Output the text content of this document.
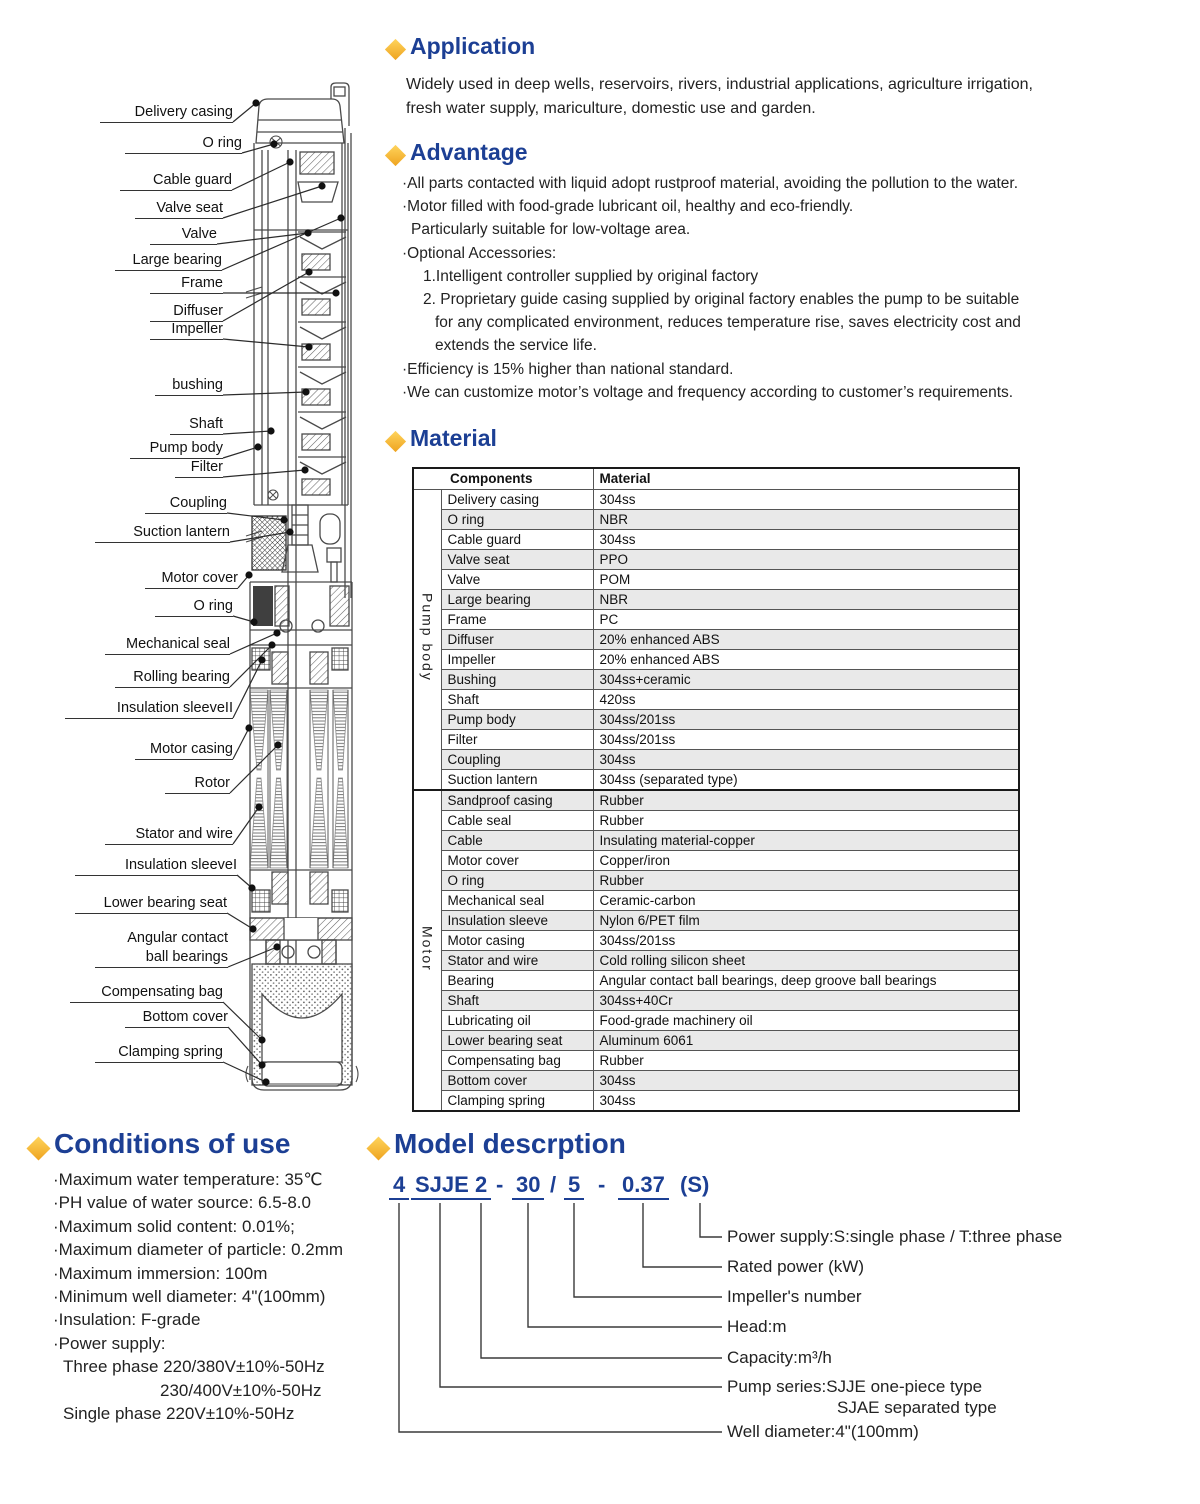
Delivery casing
O ring
Cable guard
Valve seat
Valve
Large bearing
Frame
Diffuser
Impeller
bushing
Shaft
Pump body
Filter
Coupling
Suction lantern
Motor cover
O ring
Mechanical seal
Rolling bearing
Insulation sleeveII
Motor casing
Rotor
Stator and wire
Insulation sleeveI
Lower bearing seat
Angular contact
ball bearings
Compensating bag
Bottom cover
Clamping spring
Application
Widely used in deep wells, reservoirs, rivers, industrial applications, agriculture irrigation,
fresh water supply, mariculture, domestic use and garden.
Advantage
·All parts contacted with liquid adopt rustproof material, avoiding the pollution to the water.
·Motor filled with food-grade lubricant oil, healthy and eco-friendly.
Particularly suitable for low-voltage area.
·Optional Accessories:
1.Intelligent controller supplied by original factory
2. Proprietary guide casing supplied by original factory enables the pump to be suitable
for any complicated environment, reduces temperature rise, saves electricity cost and
extends the service life.
·Efficiency is 15% higher than national standard.
·We can customize motor’s voltage and frequency according to customer’s requirements.
Material
Components		Material
Pump body	Delivery casing	304ss
	O ring	NBR
	Cable guard	304ss
	Valve seat	PPO
	Valve	POM
	Large bearing	NBR
	Frame	PC
	Diffuser	20% enhanced ABS
	Impeller	20% enhanced ABS
	Bushing	304ss+ceramic
	Shaft	420ss
	Pump body	304ss/201ss
	Filter	304ss/201ss
	Coupling	304ss
	Suction lantern	304ss (separated type)
Motor	Sandproof casing	Rubber
	Cable seal	Rubber
	Cable	Insulating material-copper
	Motor cover	Copper/iron
	O ring	Rubber
	Mechanical seal	Ceramic-carbon
	Insulation sleeve	Nylon 6/PET film
	Motor casing	304ss/201ss
	Stator and wire	Cold rolling silicon sheet
	Bearing	Angular contact ball bearings, deep groove ball bearings
	Shaft	304ss+40Cr
	Lubricating oil	Food-grade machinery oil
	Lower bearing seat	Aluminum 6061
	Compensating bag	Rubber
	Bottom cover	304ss
	Clamping spring	304ss
Conditions of use
·Maximum water temperature: 35℃
·PH value of water source: 6.5-8.0
·Maximum solid content: 0.01%;
·Maximum diameter of particle: 0.2mm
·Maximum immersion: 100m
·Minimum well diameter: 4"(100mm)
·Insulation: F-grade
·Power supply:
Three phase 220/380V±10%-50Hz
230/400V±10%-50Hz
Single phase 220V±10%-50Hz
Model descrption
4 SJJE 2 - 30 / 5 - 0.37 (S)
Power supply:S:single phase / T:three phase
Rated power (kW)
Impeller's number
Head:m
Capacity:m³/h
Pump series:SJJE one-piece type
SJAE separated type
Well diameter:4"(100mm)
